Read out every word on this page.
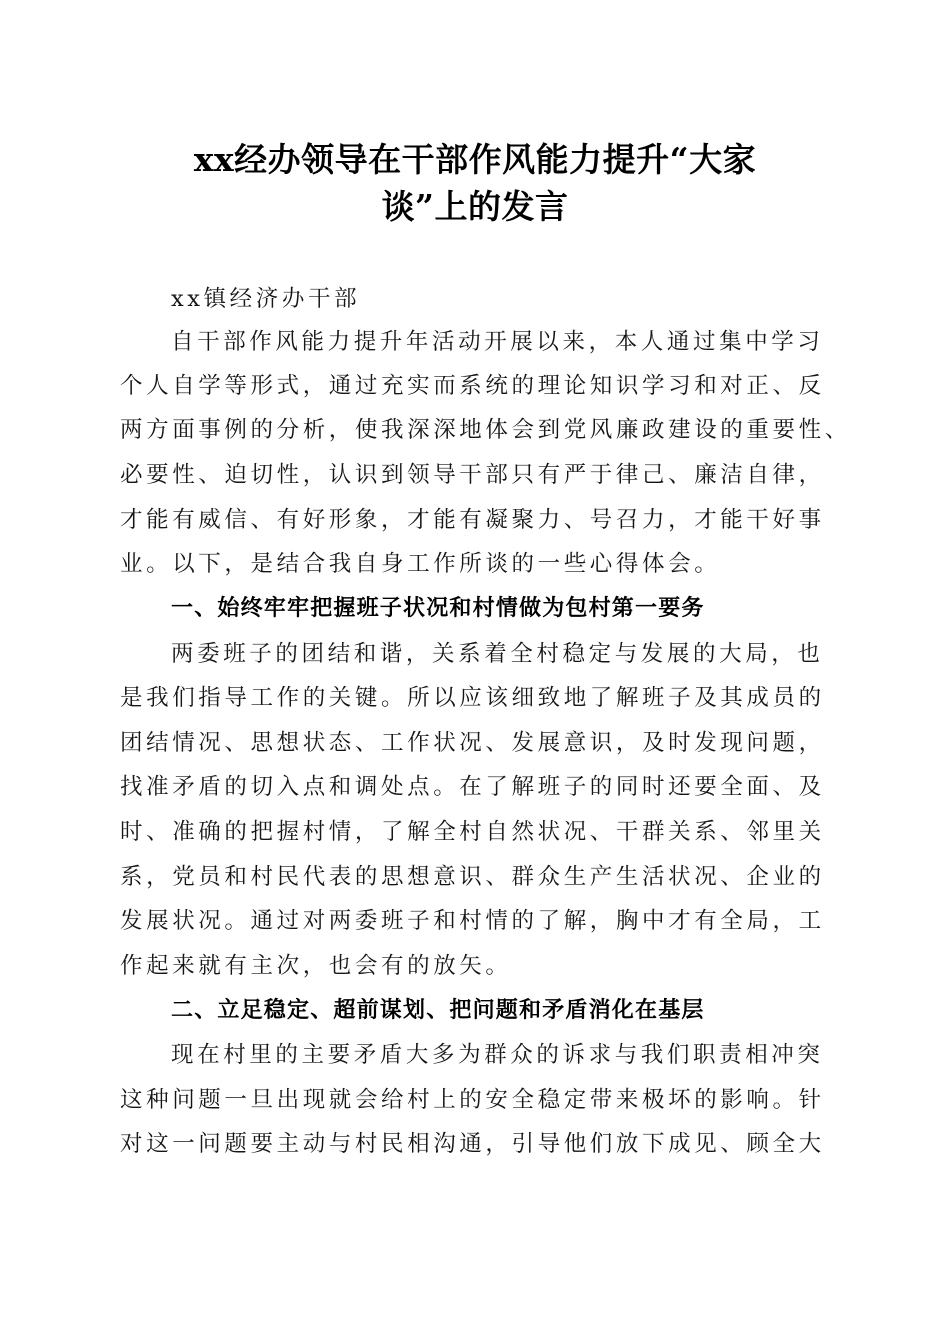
xx经办领导在干部作风能力提升“大家
谈”上的发言

xx镇经济办干部

自干部作风能力提升年活动开展以来，本人通过集中学习

个人自学等形式，通过充实而系统的理论知识学习和对正、反

两方面事例的分析，使我深深地体会到党风廉政建设的重要性、

必要性、迫切性，认识到领导干部只有严于律己、廉洁自律，

才能有威信、有好形象，才能有凝聚力、号召力，才能干好事

业。以下，是结合我自身工作所谈的一些心得体会。

一、始终牢牢把握班子状况和村情做为包村第一要务

两委班子的团结和谐，关系着全村稳定与发展的大局，也

是我们指导工作的关键。所以应该细致地了解班子及其成员的

团结情况、思想状态、工作状况、发展意识，及时发现问题，

找准矛盾的切入点和调处点。在了解班子的同时还要全面、及

时、准确的把握村情，了解全村自然状况、干群关系、邻里关

系，党员和村民代表的思想意识、群众生产生活状况、企业的

发展状况。通过对两委班子和村情的了解，胸中才有全局，工

作起来就有主次，也会有的放矢。

二、立足稳定、超前谋划、把问题和矛盾消化在基层

现在村里的主要矛盾大多为群众的诉求与我们职责相冲突

这种问题一旦出现就会给村上的安全稳定带来极坏的影响。针

对这一问题要主动与村民相沟通，引导他们放下成见、顾全大
